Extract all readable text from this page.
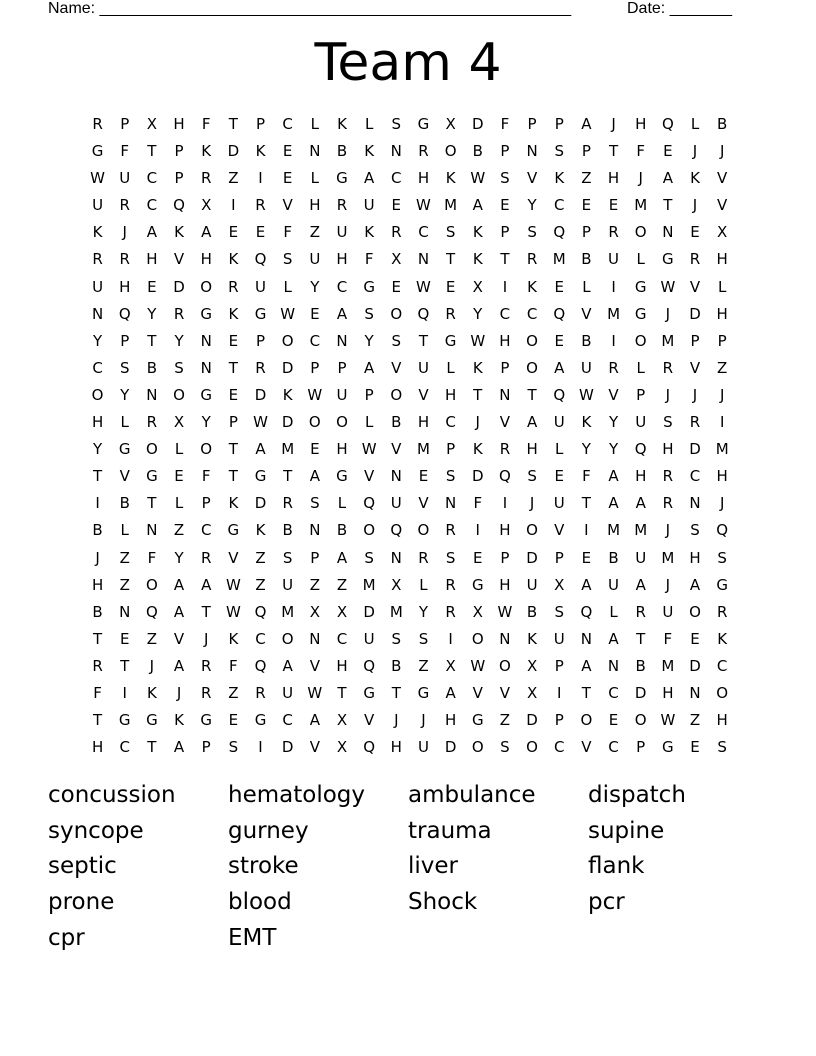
Name: _____________________________________________________	Date: _______
Team 4
R	P	X	H	F	T	P	C	L	K	L	S	G	X	D	F	P	P	A	J	H	Q	L	B
G	F	T	P	K	D	K	E	N	B	K	N	R	O	B	P	N	S	P	T	F	E	J	J
W U	C	P	R	Z	I	E	L	G	A	C	H	K W S	V	K	Z	H	J	A	K	V
U	R	C	Q	X	I	R	V	H	R	U	E	W M	A	E	Y	C	E	E	M	T	J	V
K	J	A	K	A	E	E	F	Z	U	K	R	C	S	K	P	S	Q	P	R	O	N	E	X
R	R	H	V	H	K	Q	S	U	H	F	X	N	T	K	T	R	M	B	U	L	G	R	H
U	H	E	D	O	R	U	L	Y	C	G	E	W E	X	I	K	E	L	I	G W V	L
N	Q	Y	R	G	K	G W E	A	S	O	Q	R	Y	C	C	Q	V	M G	J	D	H
Y	P	T	Y	N	E	P	O	C	N	Y	S	T	G W H	O	E	B	I	O M	P	P
C	S	B	S	N	T	R	D	P	P	A	V	U	L	K	P	O	A	U	R	L	R	V	Z
O	Y	N	O	G	E	D	K W U	P	O	V	H	T	N	T	Q W V	P	J	J	J
H	L	R	X	Y	P	W D	O	O	L	B	H	C	J	V	A	U	K	Y	U	S	R	I
Y	G	O	L	O	T	A	M	E	H W V	M	P	K	R	H	L	Y	Y	Q	H	D M
T	V	G	E	F	T	G	T	A	G	V	N	E	S	D	Q	S	E	F	A	H	R	C	H
I	B	T	L	P	K	D	R	S	L	Q	U	V	N	F	I	J	U	T	A	A	R	N	J
B	L	N	Z	C	G	K	B	N	B	O	Q	O	R	I	H	O	V	I	M M	J	S	Q
J	Z	F	Y	R	V	Z	S	P	A	S	N	R	S	E	P	D	P	E	B	U	M	H	S
H	Z	O	A	A W Z	U	Z	Z	M	X	L	R	G	H	U	X	A	U	A	J	A	G
B	N	Q	A	T	W Q M	X	X	D M	Y	R	X W B	S	Q	L	R	U	O	R
T	E	Z	V	J	K	C	O	N	C	U	S	S	I	O	N	K	U	N	A	T	F	E	K
R	T	J	A	R	F	Q	A	V	H	Q	B	Z	X W O	X	P	A	N	B	M D	C
F	I	K	J	R	Z	R	U W	T	G	T	G	A	V	V	X	I	T	C	D	H	N	O
T	G	G	K	G	E	G	C	A	X	V	J	J	H	G	Z	D	P	O	E	O W Z	H
H	C	T	A	P	S	I	D	V	X	Q	H	U	D	O	S	O	C	V	C	P	G	E	S
concussion	hematology	ambulance	dispatch
syncope	gurney	trauma	supine
septic	stroke	liver	flank
prone	blood	Shock	pcr
cpr	EMT
